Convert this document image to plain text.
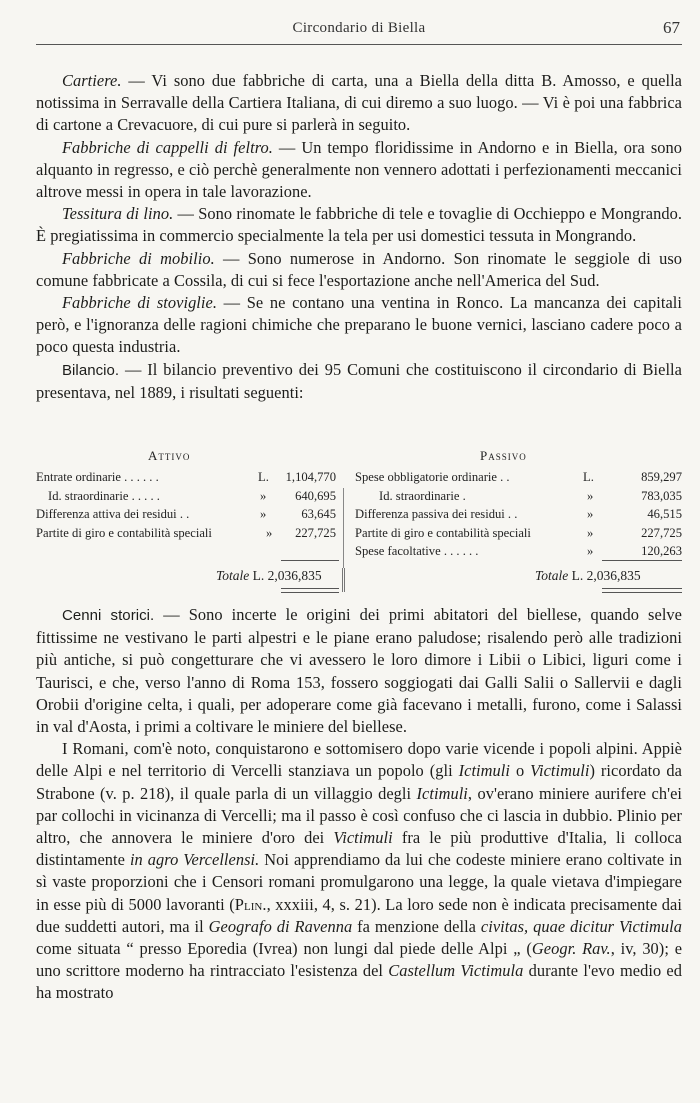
Circondario di Biella	67

Cartiere. — Vi sono due fabbriche di carta, una a Biella della ditta B. Amosso, e quella notissima in Serravalle della Cartiera Italiana, di cui diremo a suo luogo. — Vi è poi una fabbrica di cartone a Crevacuore, di cui pure si parlerà in seguito.

Fabbriche di cappelli di feltro. — Un tempo floridissime in Andorno e in Biella, ora sono alquanto in regresso, e ciò perchè generalmente non vennero adottati i perfezionamenti meccanici altrove messi in opera in tale lavorazione.

Tessitura di lino. — Sono rinomate le fabbriche di tele e tovaglie di Occhieppo e Mongrando. È pregiatissima in commercio specialmente la tela per usi domestici tessuta in Mongrando.

Fabbriche di mobilio. — Sono numerose in Andorno. Son rinomate le seggiole di uso comune fabbricate a Cossila, di cui si fece l'esportazione anche nell'America del Sud.

Fabbriche di stoviglie. — Se ne contano una ventina in Ronco. La mancanza dei capitali però, e l'ignoranza delle ragioni chimiche che preparano le buone vernici, lasciano cadere poco a poco questa industria.

Bilancio. — Il bilancio preventivo dei 95 Comuni che costituiscono il circondario di Biella presentava, nel 1889, i risultati seguenti:

Attivo	Passivo
Entrate ordinarie . . . . . .	L.	1,104,770
Id. straordinarie . . . . .	»	640,695
Differenza attiva dei residui . .	»	63,645
Partite di giro e contabilità speciali	»	227,725
Spese obbligatorie ordinarie . .	L.	859,297
Id. straordinarie .	»	783,035
Differenza passiva dei residui . .	»	46,515
Partite di giro e contabilità speciali	»	227,725
Spese facoltative . . . . . .	»	120,263
Totale L. 2,036,835	Totale L. 2,036,835

Cenni storici. — Sono incerte le origini dei primi abitatori del biellese, quando selve fittissime ne vestivano le parti alpestri e le piane erano paludose; risalendo però alle tradizioni più antiche, si può congetturare che vi avessero le loro dimore i Libii o Libici, liguri come i Taurisci, e che, verso l'anno di Roma 153, fossero soggiogati dai Galli Salii o Sallervii e dagli Orobii d'origine celta, i quali, per adoperare come già facevano i metalli, furono, come i Salassi in val d'Aosta, i primi a coltivare le miniere del biellese.

I Romani, com'è noto, conquistarono e sottomisero dopo varie vicende i popoli alpini. Appiè delle Alpi e nel territorio di Vercelli stanziava un popolo (gli Ictimuli o Victimuli) ricordato da Strabone (v. p. 218), il quale parla di un villaggio degli Ictimuli, ov'erano miniere aurifere ch'ei par collochi in vicinanza di Vercelli; ma il passo è così confuso che ci lascia in dubbio. Plinio per altro, che annovera le miniere d'oro dei Victimuli fra le più produttive d'Italia, li colloca distintamente in agro Vercellensi. Noi apprendiamo da lui che codeste miniere erano coltivate in sì vaste proporzioni che i Censori romani promulgarono una legge, la quale vietava d'impiegare in esse più di 5000 lavoranti (Plin., xxxiii, 4, s. 21). La loro sede non è indicata precisamente dai due suddetti autori, ma il Geografo di Ravenna fa menzione della civitas, quae dicitur Victimula come situata “ presso Eporedia (Ivrea) non lungi dal piede delle Alpi „ (Geogr. Rav., iv, 30); e uno scrittore moderno ha rintracciato l'esistenza del Castellum Victimula durante l'evo medio ed ha mostrato
